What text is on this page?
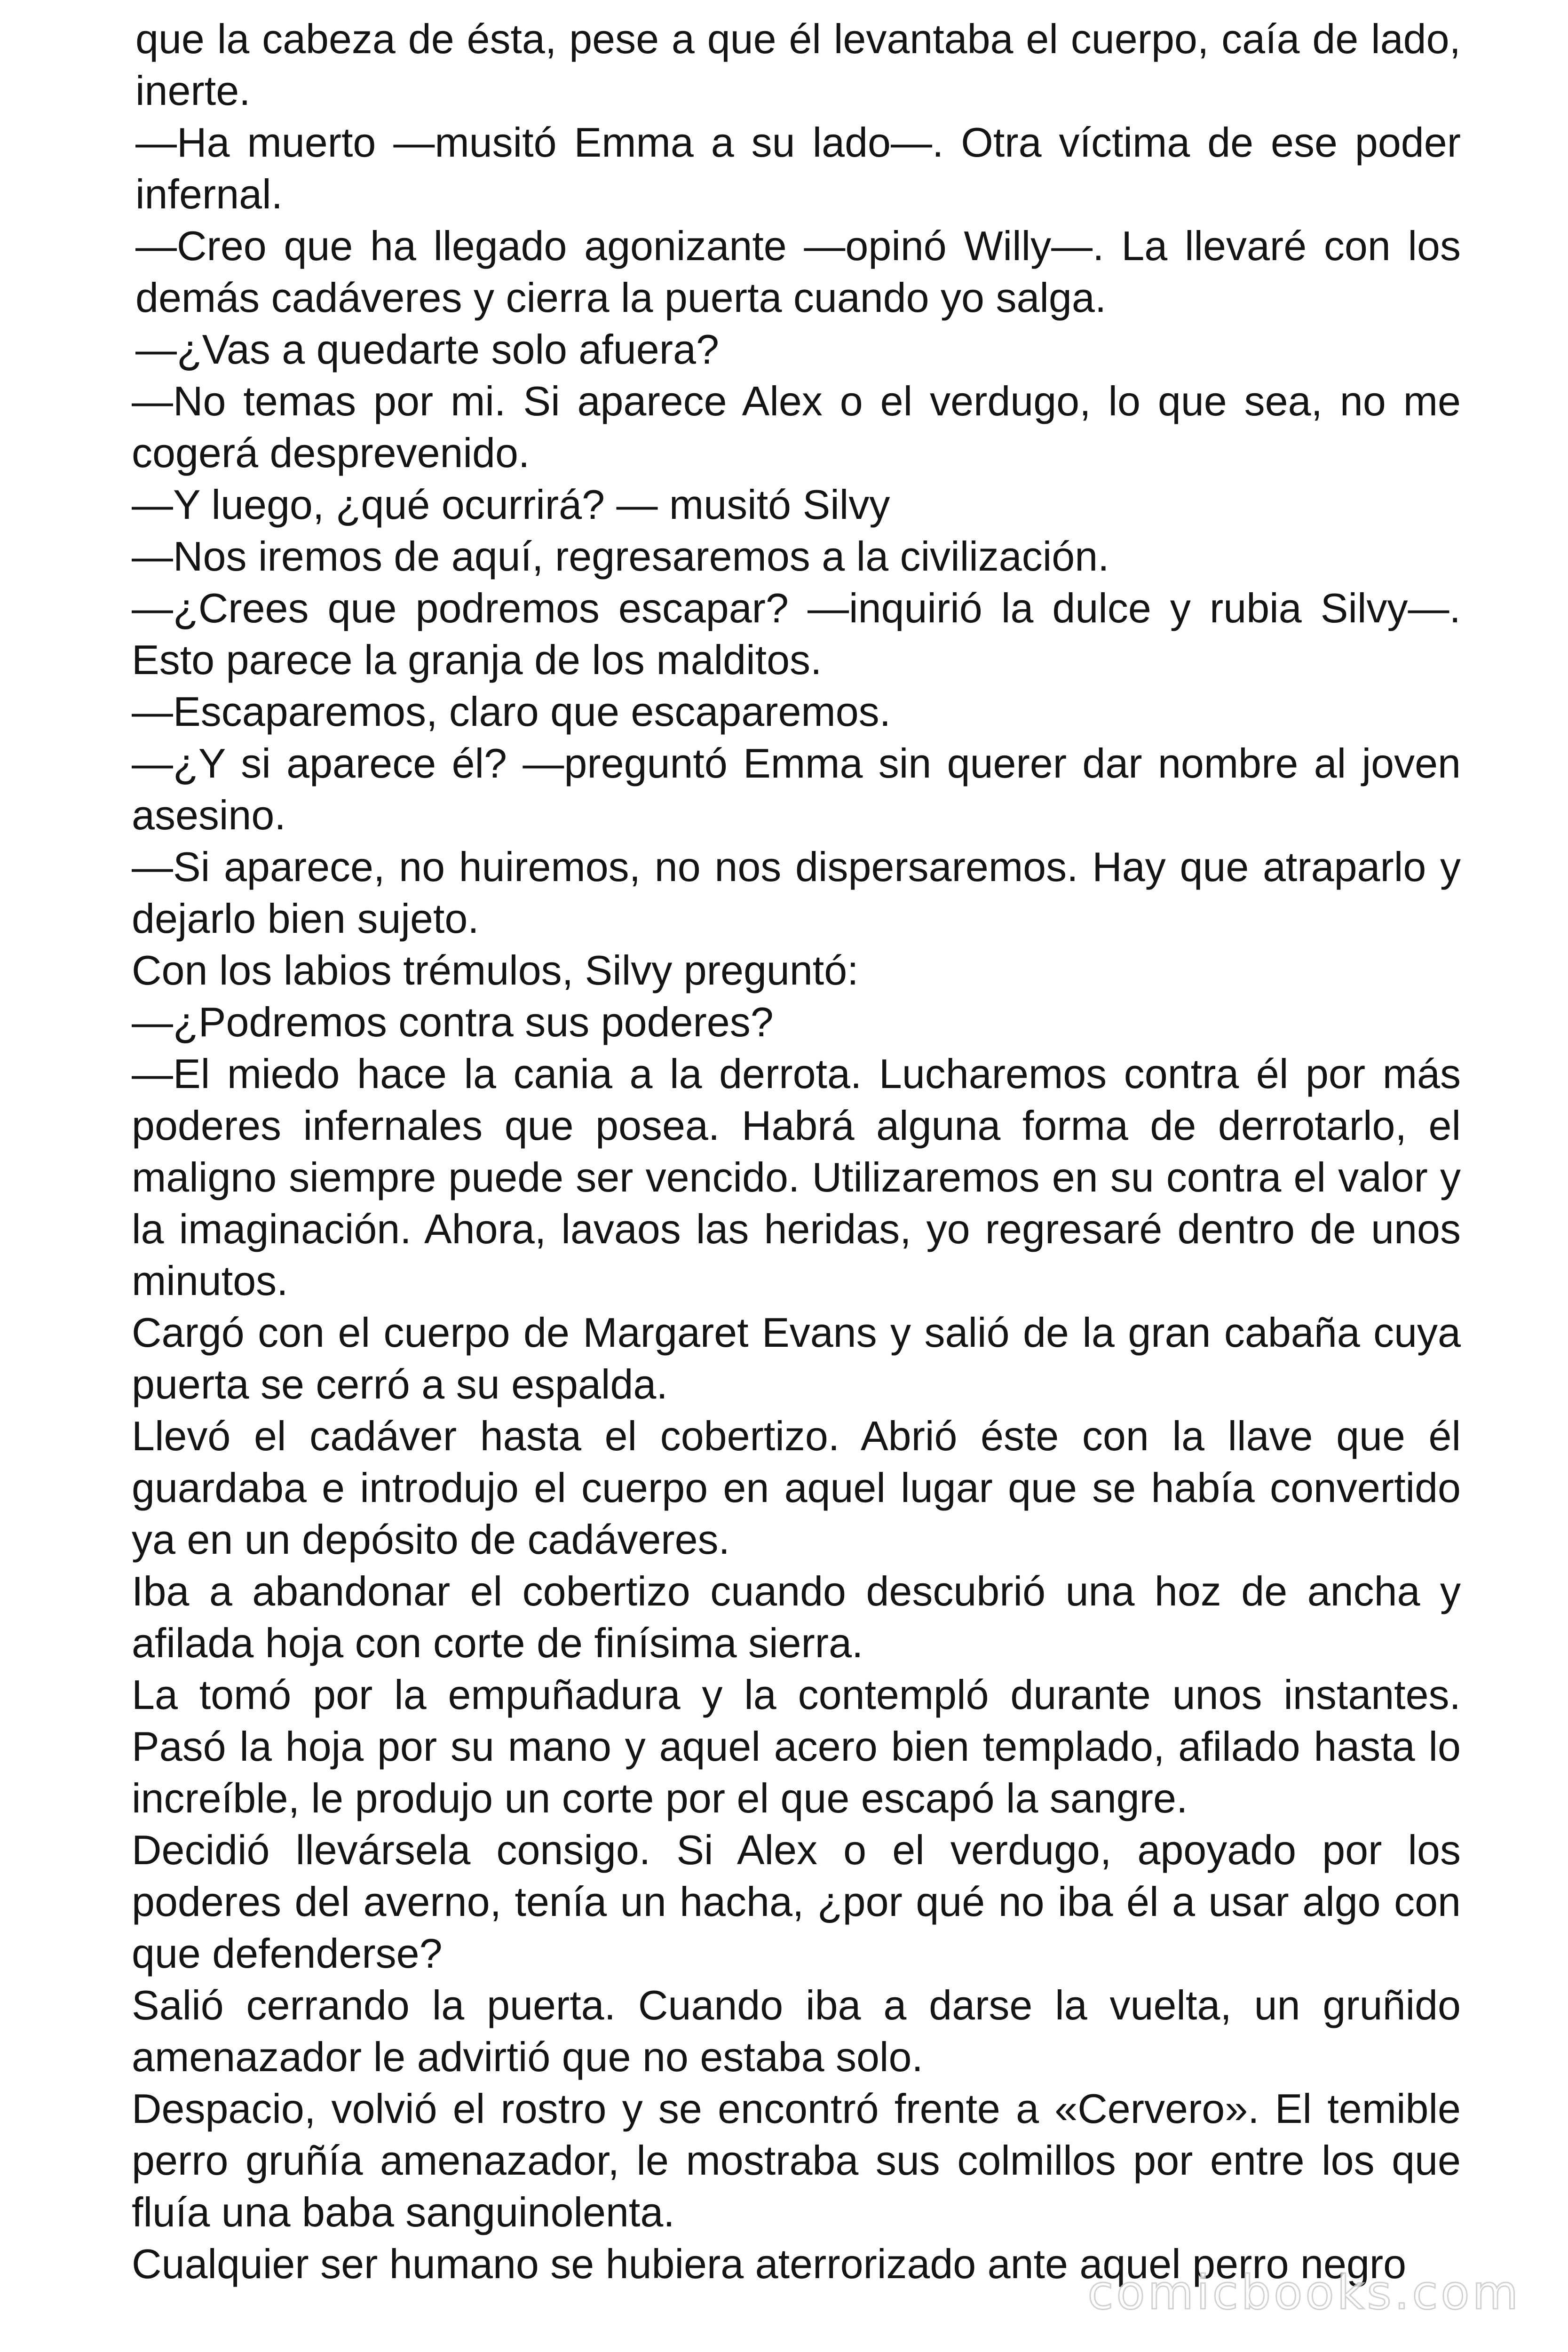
que la cabeza de ésta, pese a que él levantaba el cuerpo, caía de lado, inerte.

—Ha muerto —musitó Emma a su lado—. Otra víctima de ese poder infernal.

—Creo que ha llegado agonizante —opinó Willy—. La llevaré con los demás cadáveres y cierra la puerta cuando yo salga.

—¿Vas a quedarte solo afuera?

—No temas por mi. Si aparece Alex o el verdugo, lo que sea, no me cogerá desprevenido.

—Y luego, ¿qué ocurrirá? — musitó Silvy

—Nos iremos de aquí, regresaremos a la civilización.

—¿Crees que podremos escapar? —inquirió la dulce y rubia Silvy—. Esto parece la granja de los malditos.

—Escaparemos, claro que escaparemos.

—¿Y si aparece él? —preguntó Emma sin querer dar nombre al joven asesino.

—Si aparece, no huiremos, no nos dispersaremos. Hay que atraparlo y dejarlo bien sujeto.

Con los labios trémulos, Silvy preguntó:

—¿Podremos contra sus poderes?

—El miedo hace la cania a la derrota. Lucharemos contra él por más poderes infernales que posea. Habrá alguna forma de derrotarlo, el maligno siempre puede ser vencido. Utilizaremos en su contra el valor y la imaginación. Ahora, lavaos las heridas, yo regresaré dentro de unos minutos.

Cargó con el cuerpo de Margaret Evans y salió de la gran cabaña cuya puerta se cerró a su espalda.

Llevó el cadáver hasta el cobertizo. Abrió éste con la llave que él guardaba e introdujo el cuerpo en aquel lugar que se había convertido ya en un depósito de cadáveres.

Iba a abandonar el cobertizo cuando descubrió una hoz de ancha y afilada hoja con corte de finísima sierra.

La tomó por la empuñadura y la contempló durante unos instantes. Pasó la hoja por su mano y aquel acero bien templado, afilado hasta lo increíble, le produjo un corte por el que escapó la sangre.

Decidió llevársela consigo. Si Alex o el verdugo, apoyado por los poderes del averno, tenía un hacha, ¿por qué no iba él a usar algo con que defenderse?

Salió cerrando la puerta. Cuando iba a darse la vuelta, un gruñido amenazador le advirtió que no estaba solo.

Despacio, volvió el rostro y se encontró frente a «Cervero». El temible perro gruñía amenazador, le mostraba sus colmillos por entre los que fluía una baba sanguinolenta.

Cualquier ser humano se hubiera aterrorizado ante aquel perro negro

comicbooks.com
